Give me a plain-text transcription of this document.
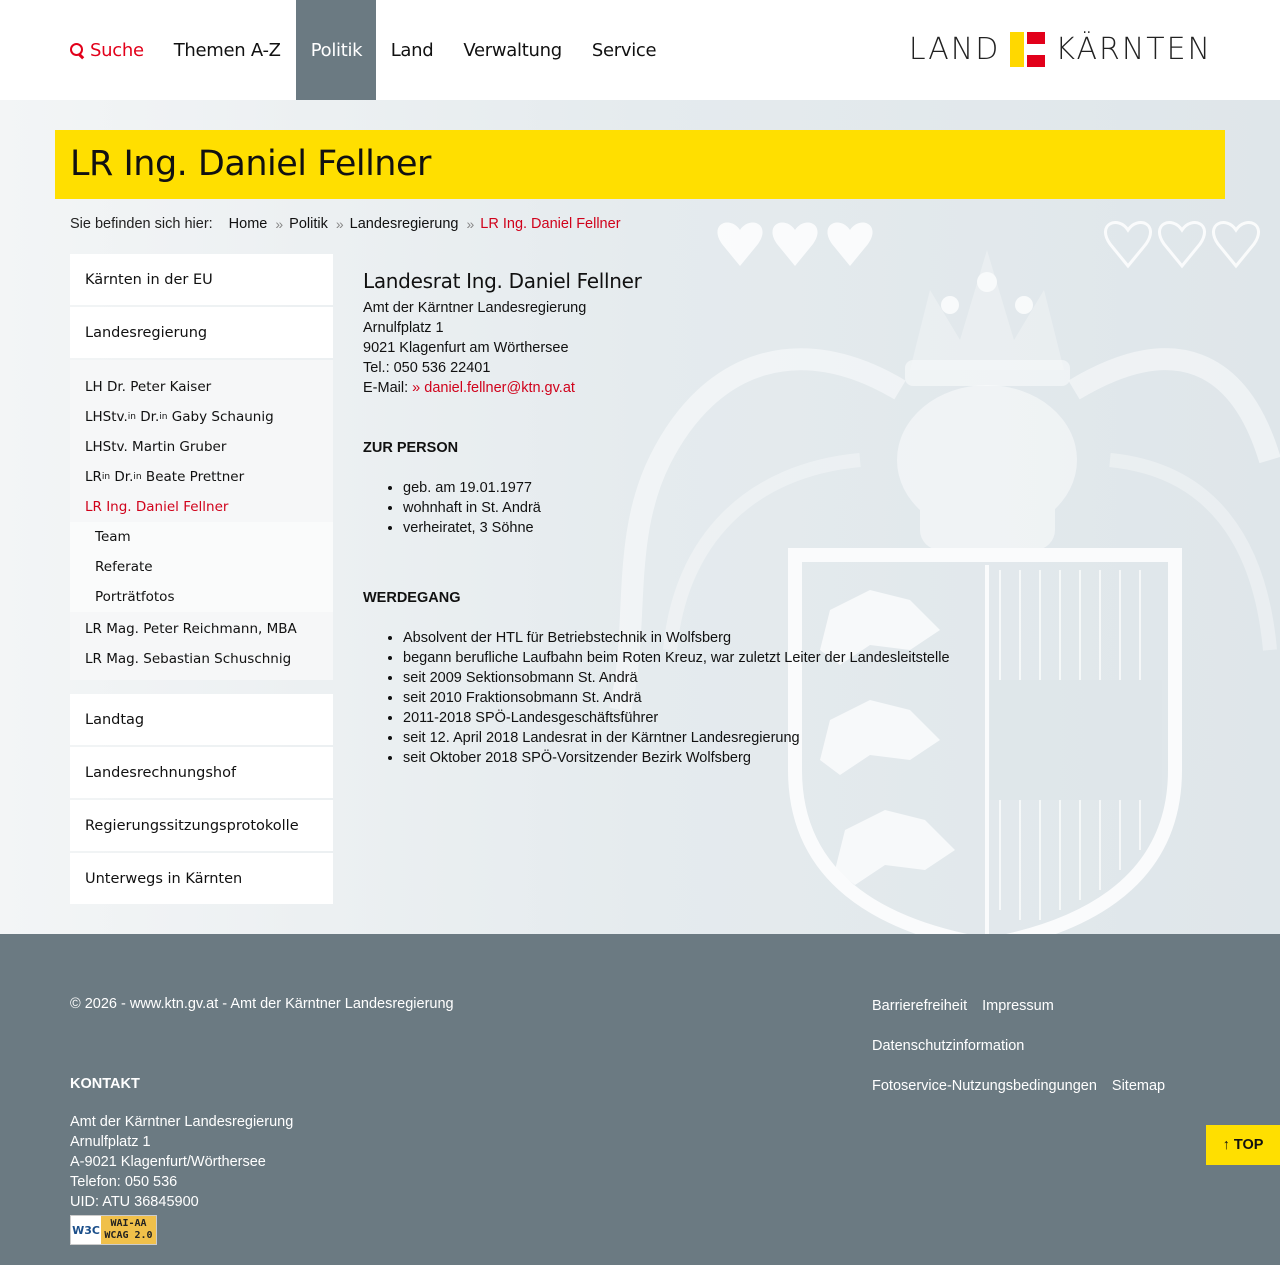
Suche	Themen A-Z	Politik	Land	Verwaltung	Service	LAND KÄRNTEN
LR Ing. Daniel Fellner
Sie befinden sich hier: Home » Politik » Landesregierung » LR Ing. Daniel Fellner
Kärnten in der EU
Landesregierung
LH Dr. Peter Kaiser
LHStv. in Dr. in Gaby Schaunig
LHStv. Martin Gruber
LR in Dr. in Beate Prettner
LR Ing. Daniel Fellner
Team
Referate
Porträtfotos
LR Mag. Peter Reichmann, MBA
LR Mag. Sebastian Schuschnig
Landtag
Landesrechnungshof
Regierungssitzungsprotokolle
Unterwegs in Kärnten
Landesrat Ing. Daniel Fellner

Amt der Kärntner Landesregierung

Arnulfplatz 1

9021 Klagenfurt am Wörthersee

Tel.: 050 536 22401

E-Mail: » daniel.fellner@ktn.gv.at

ZUR PERSON
• geb. am 19.01.1977
• wohnhaft in St. Andrä
• verheiratet, 3 Söhne
WERDEGANG
• Absolvent der HTL für Betriebstechnik in Wolfsberg
• begann berufliche Laufbahn beim Roten Kreuz, war zuletzt Leiter der Landesleitstelle
• seit 2009 Sektionsobmann St. Andrä
• seit 2010 Fraktionsobmann St. Andrä
• 2011-2018 SPÖ-Landesgeschäftsführer
• seit 12. April 2018 Landesrat in der Kärntner Landesregierung
• seit Oktober 2018 SPÖ-Vorsitzender Bezirk Wolfsberg
© 2026 - www.ktn.gv.at - Amt der Kärntner Landesregierung	Barrierefreiheit Impressum
Datenschutzinformation
Fotoservice-Nutzungsbedingungen Sitemap
KONTAKT

Amt der Kärntner Landesregierung

Arnulfplatz 1

A-9021 Klagenfurt/Wörthersee

Telefon: 050 536

UID: ATU 36845900

W3C WAI-AA
WCAG 2.0
↑ TOP
